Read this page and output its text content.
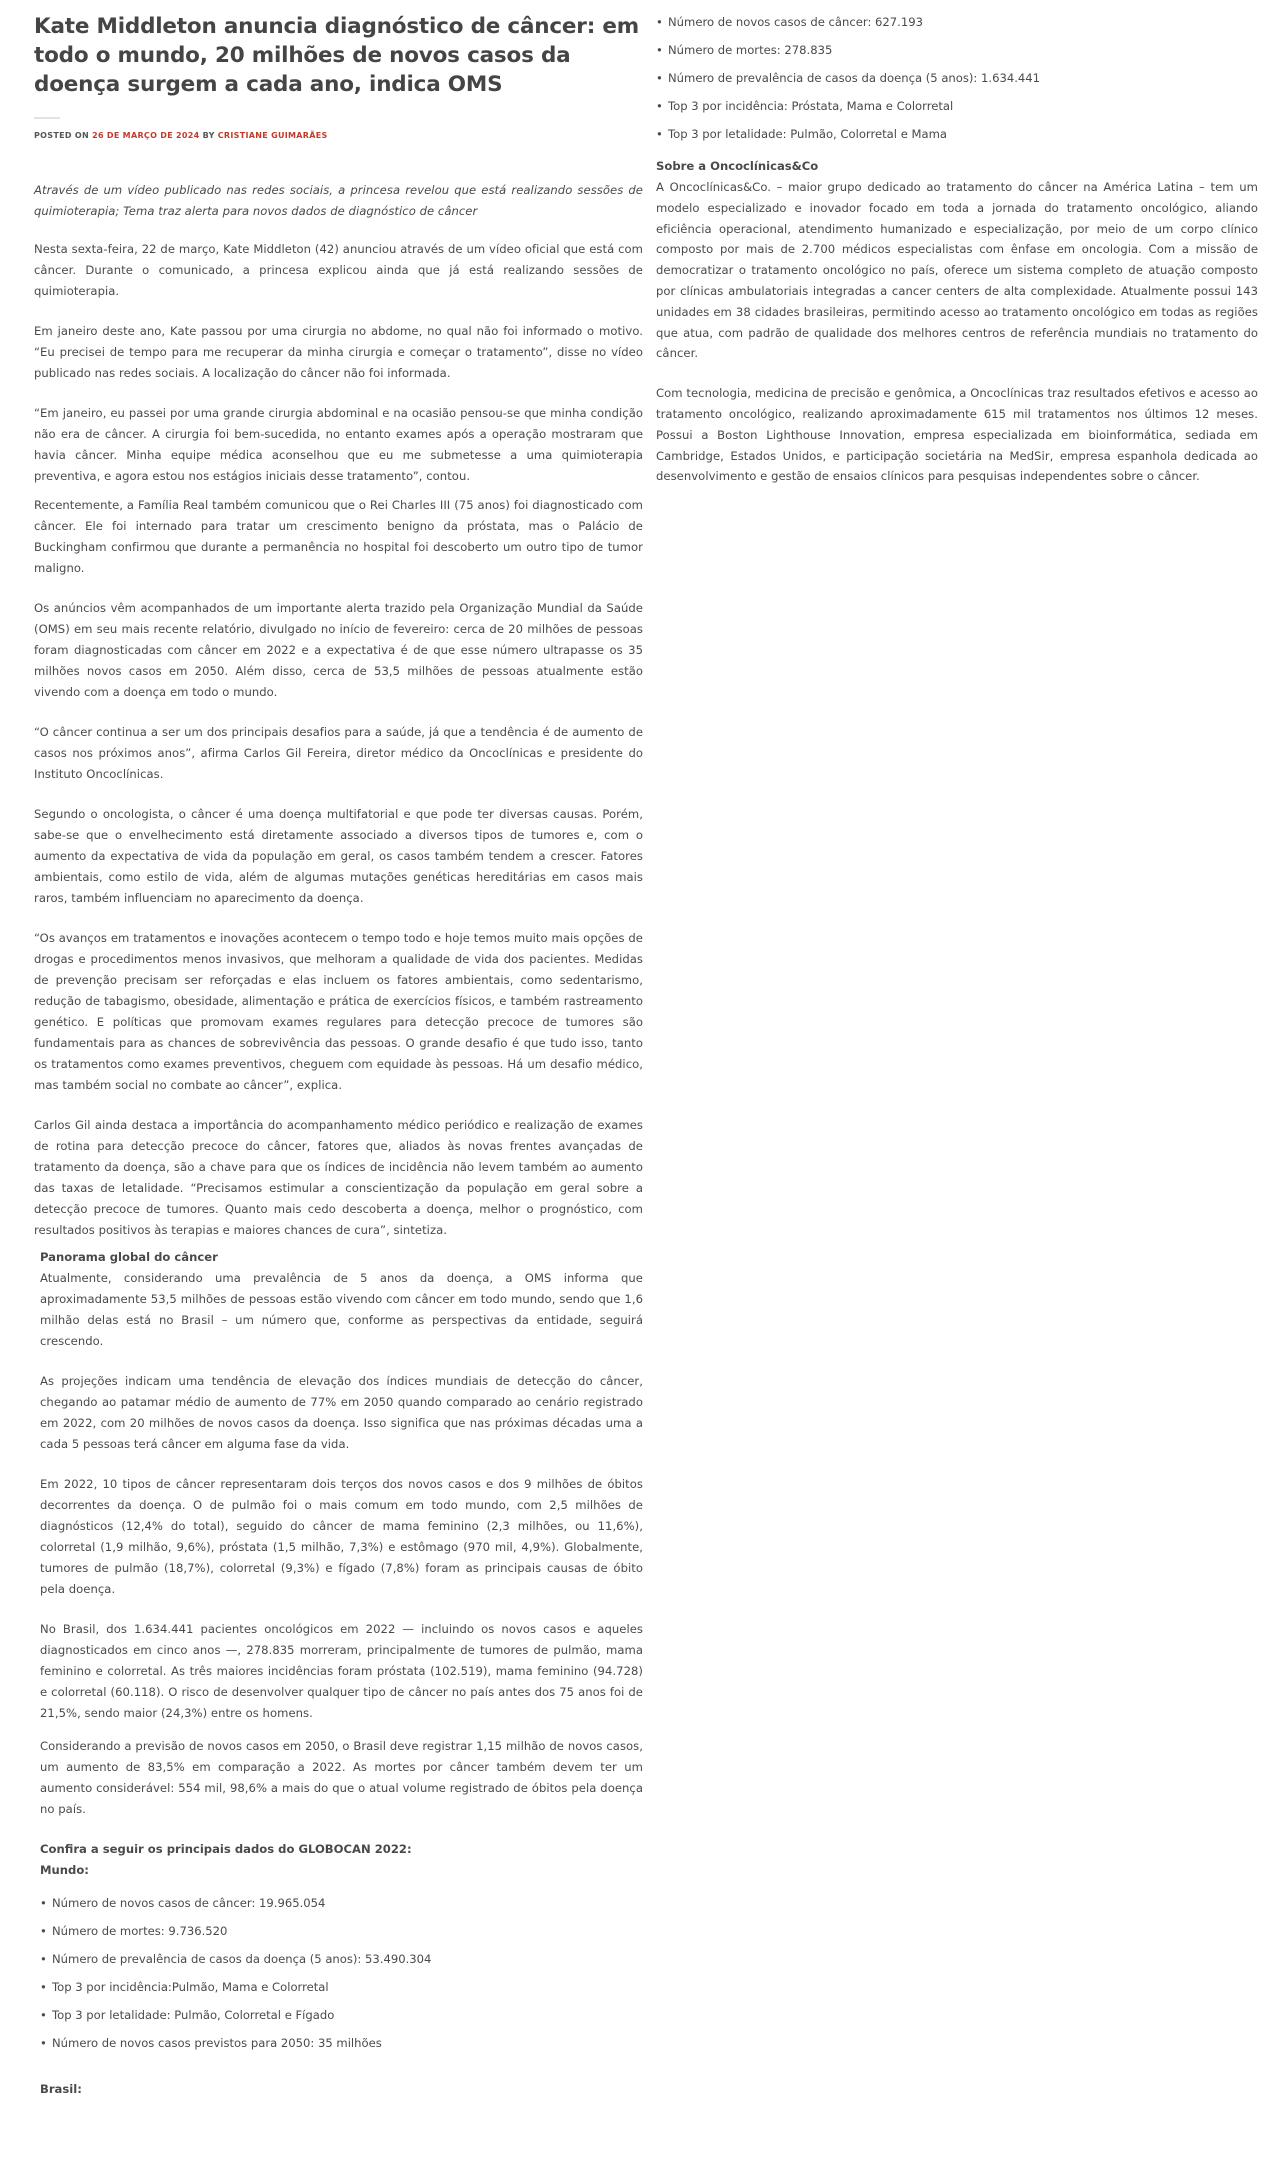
Kate Middleton anuncia diagnóstico de câncer: em todo o mundo, 20 milhões de novos casos da doença surgem a cada ano, indica OMS
POSTED ON 26 DE MARÇO DE 2024 BY CRISTIANE GUIMARÃES

Através de um vídeo publicado nas redes sociais, a princesa revelou que está realizando sessões de quimioterapia; Tema traz alerta para novos dados de diagnóstico de câncer

Nesta sexta-feira, 22 de março, Kate Middleton (42) anunciou através de um vídeo oficial que está com câncer. Durante o comunicado, a princesa explicou ainda que já está realizando sessões de quimioterapia.

Em janeiro deste ano, Kate passou por uma cirurgia no abdome, no qual não foi informado o motivo. “Eu precisei de tempo para me recuperar da minha cirurgia e começar o tratamento”, disse no vídeo publicado nas redes sociais. A localização do câncer não foi informada.

“Em janeiro, eu passei por uma grande cirurgia abdominal e na ocasião pensou-se que minha condição não era de câncer. A cirurgia foi bem-sucedida, no entanto exames após a operação mostraram que havia câncer. Minha equipe médica aconselhou que eu me submetesse a uma quimioterapia preventiva, e agora estou nos estágios iniciais desse tratamento”, contou.

Recentemente, a Família Real também comunicou que o Rei Charles III (75 anos) foi diagnosticado com câncer. Ele foi internado para tratar um crescimento benigno da próstata, mas o Palácio de Buckingham confirmou que durante a permanência no hospital foi descoberto um outro tipo de tumor maligno.

Os anúncios vêm acompanhados de um importante alerta trazido pela Organização Mundial da Saúde (OMS) em seu mais recente relatório, divulgado no início de fevereiro: cerca de 20 milhões de pessoas foram diagnosticadas com câncer em 2022 e a expectativa é de que esse número ultrapasse os 35 milhões novos casos em 2050. Além disso, cerca de 53,5 milhões de pessoas atualmente estão vivendo com a doença em todo o mundo.

“O câncer continua a ser um dos principais desafios para a saúde, já que a tendência é de aumento de casos nos próximos anos”, afirma Carlos Gil Fereira, diretor médico da Oncoclínicas e presidente do Instituto Oncoclínicas.

Segundo o oncologista, o câncer é uma doença multifatorial e que pode ter diversas causas. Porém, sabe-se que o envelhecimento está diretamente associado a diversos tipos de tumores e, com o aumento da expectativa de vida da população em geral, os casos também tendem a crescer. Fatores ambientais, como estilo de vida, além de algumas mutações genéticas hereditárias em casos mais raros, também influenciam no aparecimento da doença.

“Os avanços em tratamentos e inovações acontecem o tempo todo e hoje temos muito mais opções de drogas e procedimentos menos invasivos, que melhoram a qualidade de vida dos pacientes. Medidas de prevenção precisam ser reforçadas e elas incluem os fatores ambientais, como sedentarismo, redução de tabagismo, obesidade, alimentação e prática de exercícios físicos, e também rastreamento genético. E políticas que promovam exames regulares para detecção precoce de tumores são fundamentais para as chances de sobrevivência das pessoas. O grande desafio é que tudo isso, tanto os tratamentos como exames preventivos, cheguem com equidade às pessoas. Há um desafio médico, mas também social no combate ao câncer”, explica.

Carlos Gil ainda destaca a importância do acompanhamento médico periódico e realização de exames de rotina para detecção precoce do câncer, fatores que, aliados às novas frentes avançadas de tratamento da doença, são a chave para que os índices de incidência não levem também ao aumento das taxas de letalidade. “Precisamos estimular a conscientização da população em geral sobre a detecção precoce de tumores. Quanto mais cedo descoberta a doença, melhor o prognóstico, com resultados positivos às terapias e maiores chances de cura”, sintetiza.

Panorama global do câncer

Atualmente, considerando uma prevalência de 5 anos da doença, a OMS informa que aproximadamente 53,5 milhões de pessoas estão vivendo com câncer em todo mundo, sendo que 1,6 milhão delas está no Brasil – um número que, conforme as perspectivas da entidade, seguirá crescendo.

As projeções indicam uma tendência de elevação dos índices mundiais de detecção do câncer, chegando ao patamar médio de aumento de 77% em 2050 quando comparado ao cenário registrado em 2022, com 20 milhões de novos casos da doença. Isso significa que nas próximas décadas uma a cada 5 pessoas terá câncer em alguma fase da vida.

Em 2022, 10 tipos de câncer representaram dois terços dos novos casos e dos 9 milhões de óbitos decorrentes da doença. O de pulmão foi o mais comum em todo mundo, com 2,5 milhões de diagnósticos (12,4% do total), seguido do câncer de mama feminino (2,3 milhões, ou 11,6%), colorretal (1,9 milhão, 9,6%), próstata (1,5 milhão, 7,3%) e estômago (970 mil, 4,9%). Globalmente, tumores de pulmão (18,7%), colorretal (9,3%) e fígado (7,8%) foram as principais causas de óbito pela doença.

No Brasil, dos 1.634.441 pacientes oncológicos em 2022 — incluindo os novos casos e aqueles diagnosticados em cinco anos —, 278.835 morreram, principalmente de tumores de pulmão, mama feminino e colorretal. As três maiores incidências foram próstata (102.519), mama feminino (94.728) e colorretal (60.118). O risco de desenvolver qualquer tipo de câncer no país antes dos 75 anos foi de 21,5%, sendo maior (24,3%) entre os homens.

Considerando a previsão de novos casos em 2050, o Brasil deve registrar 1,15 milhão de novos casos, um aumento de 83,5% em comparação a 2022. As mortes por câncer também devem ter um aumento considerável: 554 mil, 98,6% a mais do que o atual volume registrado de óbitos pela doença no país.

Confira a seguir os principais dados do GLOBOCAN 2022:
Mundo:
• Número de novos casos de câncer: 19.965.054
• Número de mortes: 9.736.520
• Número de prevalência de casos da doença (5 anos): 53.490.304
• Top 3 por incidência:Pulmão, Mama e Colorretal
• Top 3 por letalidade: Pulmão, Colorretal e Fígado
• Número de novos casos previstos para 2050: 35 milhões
Brasil:
• Número de novos casos de câncer: 627.193
• Número de mortes: 278.835
• Número de prevalência de casos da doença (5 anos): 1.634.441
• Top 3 por incidência: Próstata, Mama e Colorretal
• Top 3 por letalidade: Pulmão, Colorretal e Mama
Sobre a Oncoclínicas&Co

A Oncoclínicas&Co. – maior grupo dedicado ao tratamento do câncer na América Latina – tem um modelo especializado e inovador focado em toda a jornada do tratamento oncológico, aliando eficiência operacional, atendimento humanizado e especialização, por meio de um corpo clínico composto por mais de 2.700 médicos especialistas com ênfase em oncologia. Com a missão de democratizar o tratamento oncológico no país, oferece um sistema completo de atuação composto por clínicas ambulatoriais integradas a cancer centers de alta complexidade. Atualmente possui 143 unidades em 38 cidades brasileiras, permitindo acesso ao tratamento oncológico em todas as regiões que atua, com padrão de qualidade dos melhores centros de referência mundiais no tratamento do câncer.

Com tecnologia, medicina de precisão e genômica, a Oncoclínicas traz resultados efetivos e acesso ao tratamento oncológico, realizando aproximadamente 615 mil tratamentos nos últimos 12 meses. Possui a Boston Lighthouse Innovation, empresa especializada em bioinformática, sediada em Cambridge, Estados Unidos, e participação societária na MedSir, empresa espanhola dedicada ao desenvolvimento e gestão de ensaios clínicos para pesquisas independentes sobre o câncer.
